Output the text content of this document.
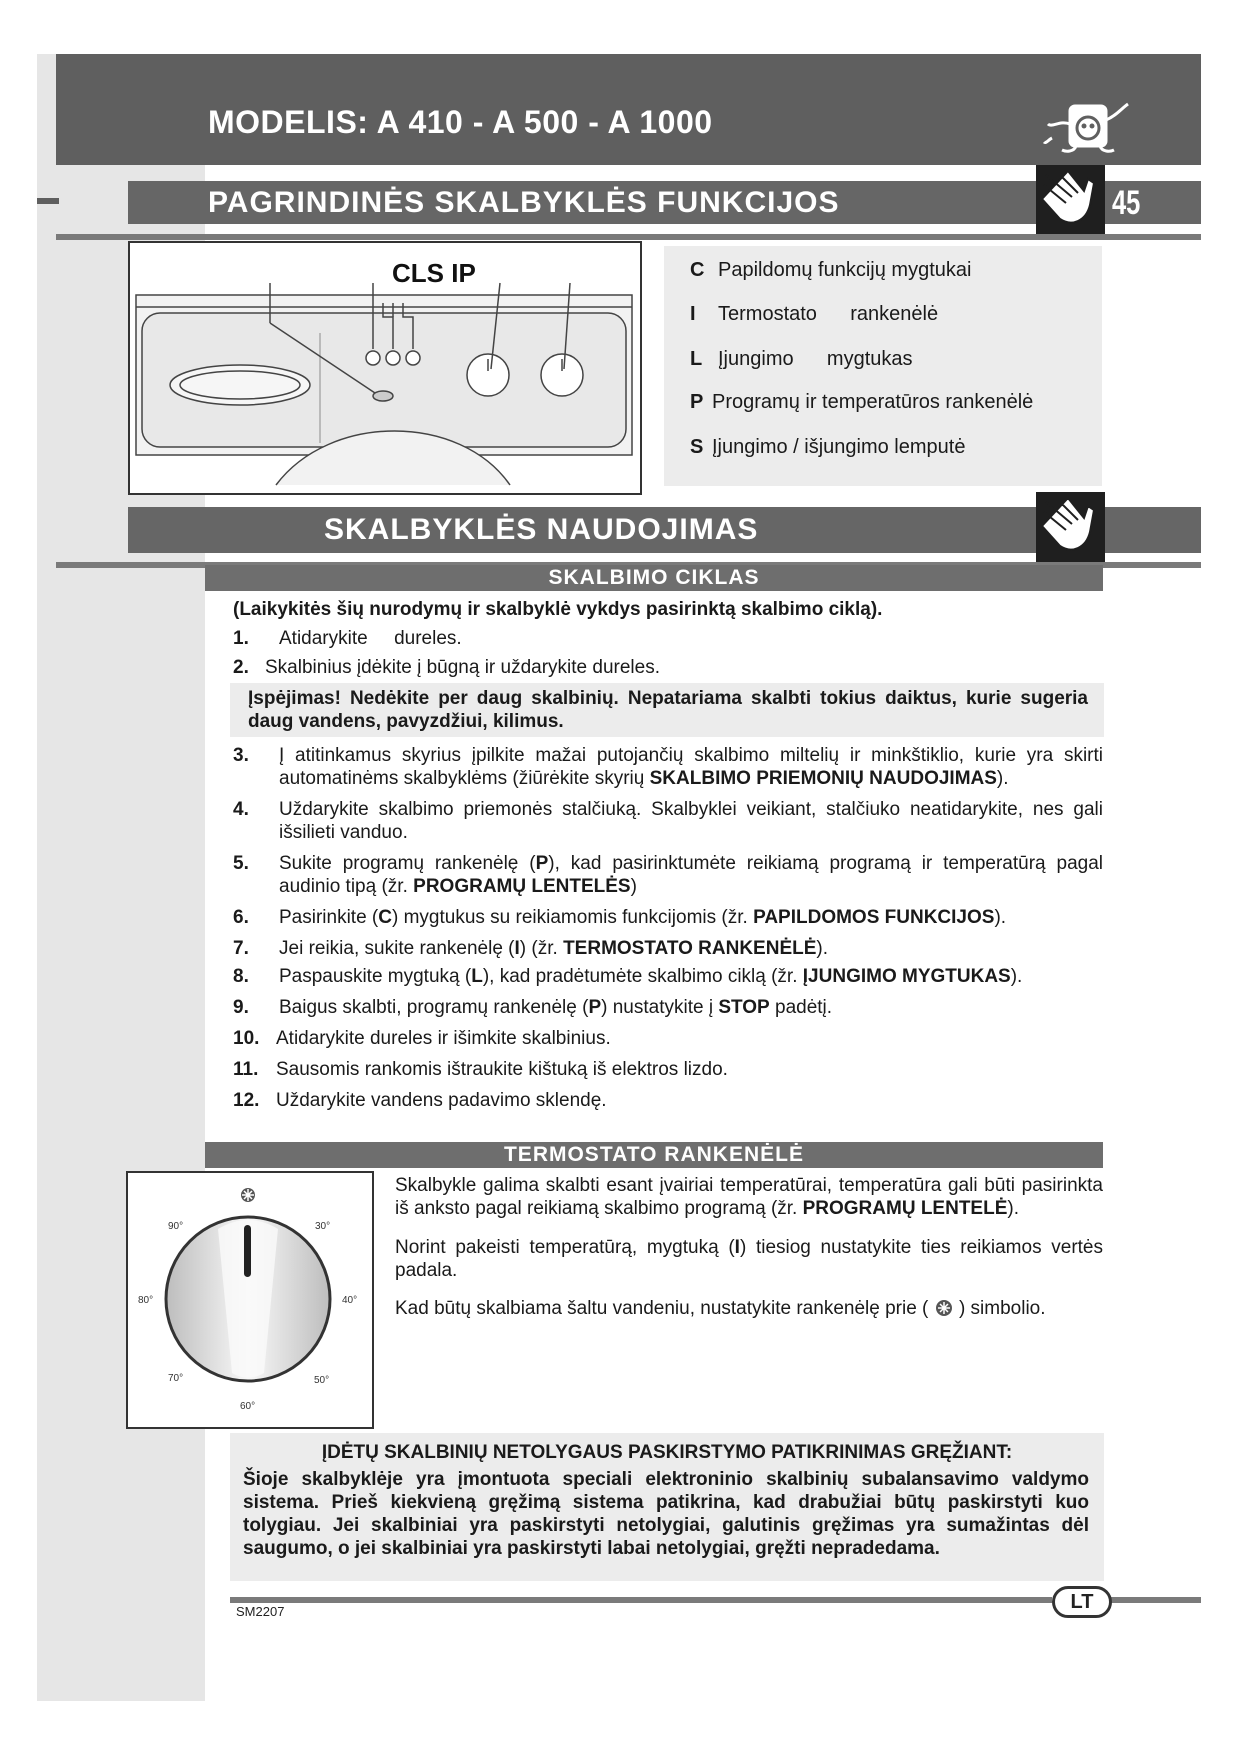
MODELIS: A 410 - A 500 - A 1000
PAGRINDINĖS SKALBYKLĖS FUNKCIJOS	45
CLS IP	C Papildomų funkcijų mygtukai
I Termostato      rankenėlė
L Įjungimo      mygtukas
P Programų ir temperatūros rankenėlė
S Įjungimo / išjungimo lemputė
SKALBYKLĖS NAUDOJIMAS
SKALBIMO CIKLAS
(Laikykitės šių nurodymų ir skalbyklė vykdys pasirinktą skalbimo ciklą).
1. Atidarykite     dureles.
2. Skalbinius įdėkite į būgną ir uždarykite dureles.
Įspėjimas! Nedėkite per daug skalbinių. Nepatariama skalbti tokius daiktus, kurie sugeria daug vandens, pavyzdžiui, kilimus.
3. Į atitinkamus skyrius įpilkite mažai putojančių skalbimo miltelių ir minkštiklio, kurie yra skirti automatinėms skalbyklėms (žiūrėkite skyrių SKALBIMO PRIEMONIŲ NAUDOJIMAS).
4. Uždarykite skalbimo priemonės stalčiuką. Skalbyklei veikiant, stalčiuko neatidarykite, nes gali išsilieti vanduo.
5. Sukite programų rankenėlę (P), kad pasirinktumėte reikiamą programą ir temperatūrą pagal audinio tipą (žr. PROGRAMŲ LENTELĖS)
6. Pasirinkite (C) mygtukus su reikiamomis funkcijomis (žr. PAPILDOMOS FUNKCIJOS).
7. Jei reikia, sukite rankenėlę (I) (žr. TERMOSTATO RANKENĖLĖ).
8. Paspauskite mygtuką (L), kad pradėtumėte skalbimo ciklą (žr. ĮJUNGIMO MYGTUKAS).
9. Baigus skalbti, programų rankenėlę (P) nustatykite į STOP padėtį.
10. Atidarykite dureles ir išimkite skalbinius.
11. Sausomis rankomis ištraukite kištuką iš elektros lizdo.
12. Uždarykite vandens padavimo sklendę.
TERMOSTATO RANKENĖLĖ
90°	30°
80°	40°
70°	50°
60°
Skalbykle galima skalbti esant įvairiai temperatūrai, temperatūra gali būti pasirinkta iš anksto pagal reikiamą skalbimo programą (žr. PROGRAMŲ LENTELĖ).
Norint pakeisti temperatūrą, mygtuką (I) tiesiog nustatykite ties reikiamos vertės padala.
Kad būtų skalbiama šaltu vandeniu, nustatykite rankenėlę prie ( ) simbolio.
ĮDĖTŲ SKALBINIŲ NETOLYGAUS PASKIRSTYMO PATIKRINIMAS GRĘŽIANT:
Šioje skalbyklėje yra įmontuota speciali elektroninio skalbinių subalansavimo valdymo sistema. Prieš kiekvieną gręžimą sistema patikrina, kad drabužiai būtų paskirstyti kuo tolygiau. Jei skalbiniai yra paskirstyti netolygiai, galutinis gręžimas yra sumažintas dėl saugumo, o jei skalbiniai yra paskirstyti labai netolygiai, gręžti nepradedama.
LT
SM2207
